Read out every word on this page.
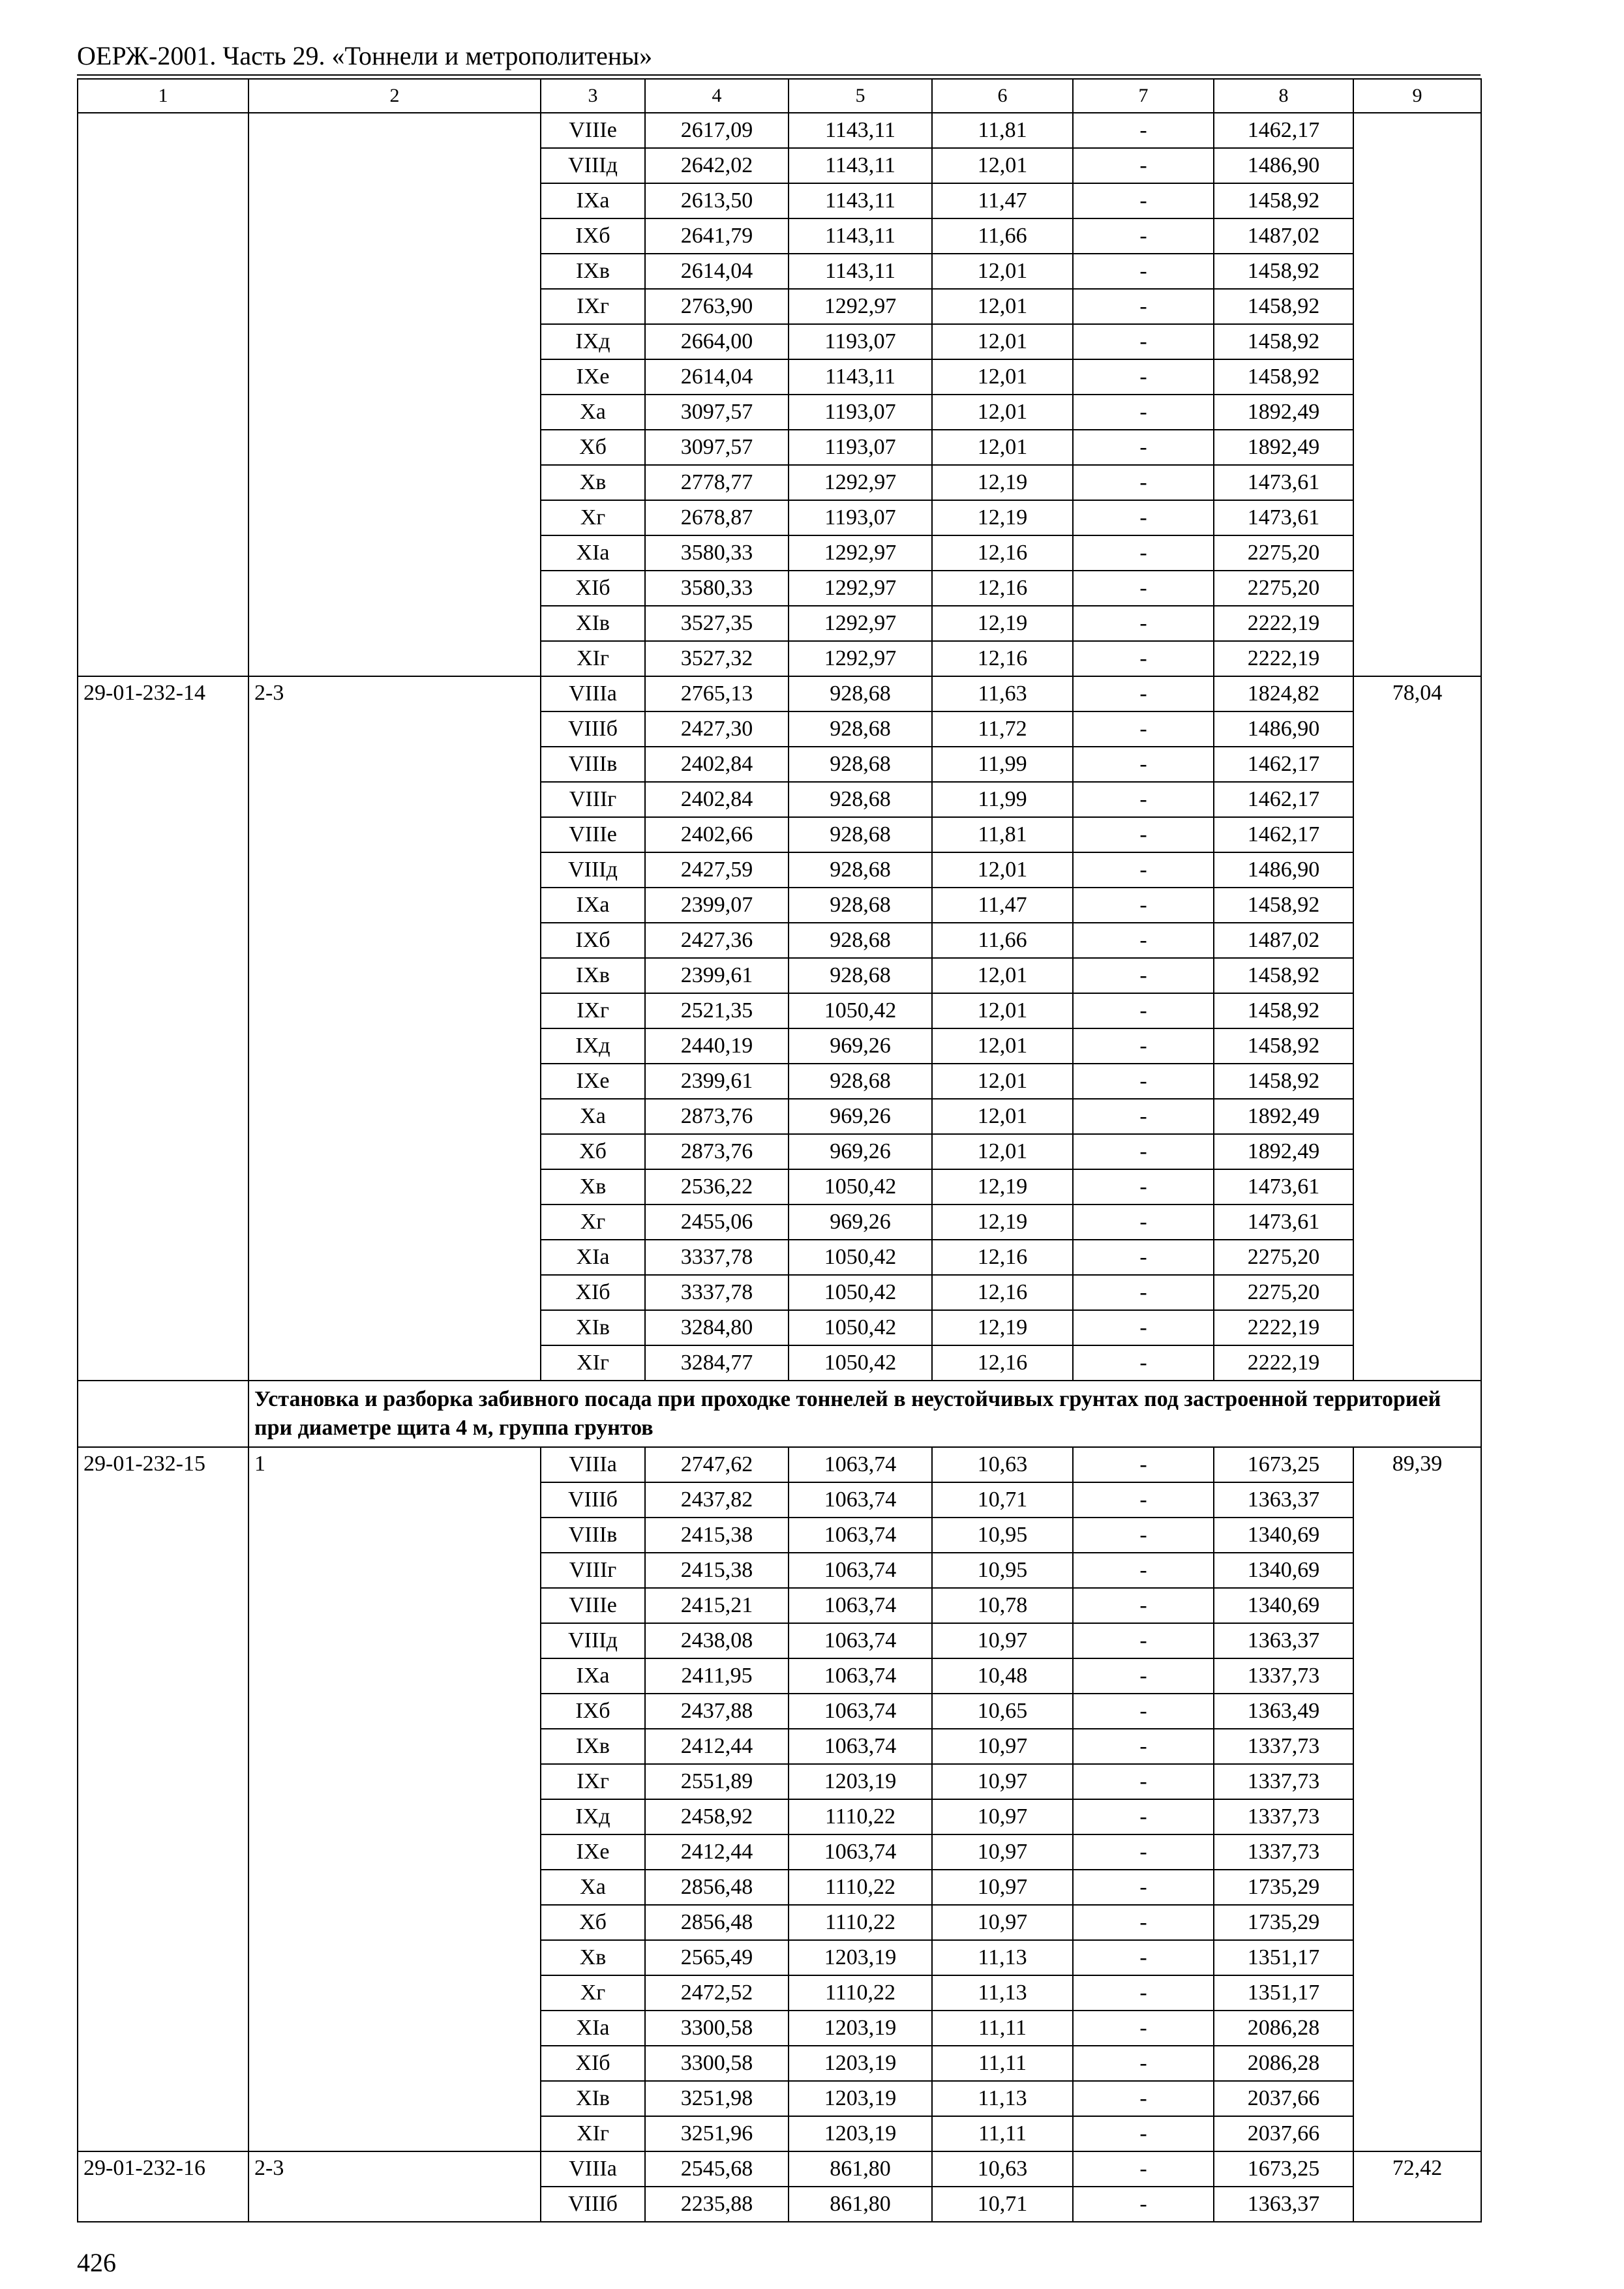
ОЕРЖ-2001. Часть 29. «Тоннели и метрополитены»
1	2	3	4	5	6	7	8	9
		VIIIе	2617,09	1143,11	11,81	-	1462,17	
		VIIIд	2642,02	1143,11	12,01	-	1486,90	
		IXa	2613,50	1143,11	11,47	-	1458,92	
		IXб	2641,79	1143,11	11,66	-	1487,02	
		IXв	2614,04	1143,11	12,01	-	1458,92	
		IXг	2763,90	1292,97	12,01	-	1458,92	
		IXд	2664,00	1193,07	12,01	-	1458,92	
		IXе	2614,04	1143,11	12,01	-	1458,92	
		Xa	3097,57	1193,07	12,01	-	1892,49	
		Xб	3097,57	1193,07	12,01	-	1892,49	
		Xв	2778,77	1292,97	12,19	-	1473,61	
		Xг	2678,87	1193,07	12,19	-	1473,61	
		XIa	3580,33	1292,97	12,16	-	2275,20	
		XIб	3580,33	1292,97	12,16	-	2275,20	
		XIв	3527,35	1292,97	12,19	-	2222,19	
		XIг	3527,32	1292,97	12,16	-	2222,19	
29-01-232-14	2-3	VIIIa	2765,13	928,68	11,63	-	1824,82	78,04
		VIIIб	2427,30	928,68	11,72	-	1486,90	
		VIIIв	2402,84	928,68	11,99	-	1462,17	
		VIIIг	2402,84	928,68	11,99	-	1462,17	
		VIIIе	2402,66	928,68	11,81	-	1462,17	
		VIIIд	2427,59	928,68	12,01	-	1486,90	
		IXa	2399,07	928,68	11,47	-	1458,92	
		IXб	2427,36	928,68	11,66	-	1487,02	
		IXв	2399,61	928,68	12,01	-	1458,92	
		IXг	2521,35	1050,42	12,01	-	1458,92	
		IXд	2440,19	969,26	12,01	-	1458,92	
		IXе	2399,61	928,68	12,01	-	1458,92	
		Xa	2873,76	969,26	12,01	-	1892,49	
		Xб	2873,76	969,26	12,01	-	1892,49	
		Xв	2536,22	1050,42	12,19	-	1473,61	
		Xг	2455,06	969,26	12,19	-	1473,61	
		XIa	3337,78	1050,42	12,16	-	2275,20	
		XIб	3337,78	1050,42	12,16	-	2275,20	
		XIв	3284,80	1050,42	12,19	-	2222,19	
		XIг	3284,77	1050,42	12,16	-	2222,19	
	Установка и разборка забивного посада при проходке тоннелей в неустойчивых грунтах под застроенной территорией при диаметре щита 4 м, группа грунтов							
29-01-232-15	1	VIIIa	2747,62	1063,74	10,63	-	1673,25	89,39
		VIIIб	2437,82	1063,74	10,71	-	1363,37	
		VIIIв	2415,38	1063,74	10,95	-	1340,69	
		VIIIг	2415,38	1063,74	10,95	-	1340,69	
		VIIIе	2415,21	1063,74	10,78	-	1340,69	
		VIIIд	2438,08	1063,74	10,97	-	1363,37	
		IXa	2411,95	1063,74	10,48	-	1337,73	
		IXб	2437,88	1063,74	10,65	-	1363,49	
		IXв	2412,44	1063,74	10,97	-	1337,73	
		IXг	2551,89	1203,19	10,97	-	1337,73	
		IXд	2458,92	1110,22	10,97	-	1337,73	
		IXе	2412,44	1063,74	10,97	-	1337,73	
		Xa	2856,48	1110,22	10,97	-	1735,29	
		Xб	2856,48	1110,22	10,97	-	1735,29	
		Xв	2565,49	1203,19	11,13	-	1351,17	
		Xг	2472,52	1110,22	11,13	-	1351,17	
		XIa	3300,58	1203,19	11,11	-	2086,28	
		XIб	3300,58	1203,19	11,11	-	2086,28	
		XIв	3251,98	1203,19	11,13	-	2037,66	
		XIг	3251,96	1203,19	11,11	-	2037,66	
29-01-232-16	2-3	VIIIa	2545,68	861,80	10,63	-	1673,25	72,42
		VIIIб	2235,88	861,80	10,71	-	1363,37	
426
